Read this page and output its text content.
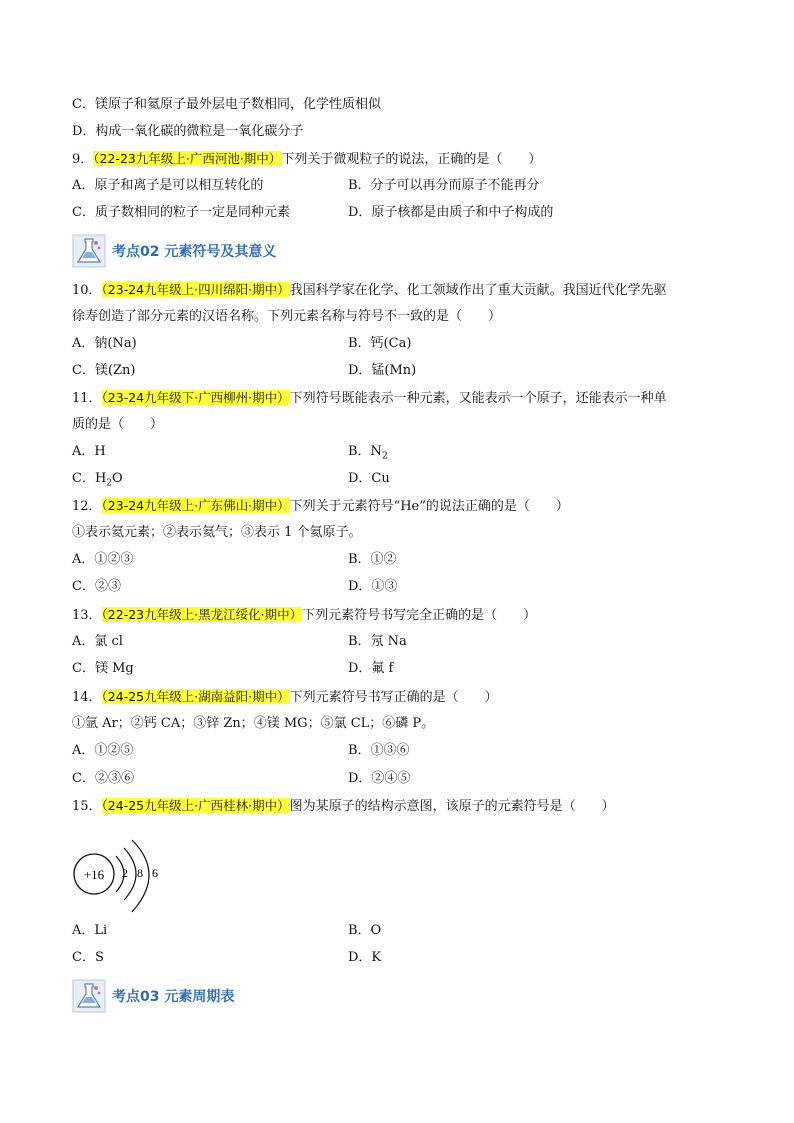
C．镁原子和氦原子最外层电子数相同，化学性质相似
D．构成一氧化碳的微粒是一氧化碳分子
9．（22-23九年级上·广西河池·期中）下列关于微观粒子的说法，正确的是（　　）
A．原子和离子是可以相互转化的	B．分子可以再分而原子不能再分
C．质子数相同的粒子一定是同种元素	D．原子核都是由质子和中子构成的
考点02 元素符号及其意义
10．（23-24九年级上·四川绵阳·期中）我国科学家在化学、化工领域作出了重大贡献。我国近代化学先驱
徐寿创造了部分元素的汉语名称。下列元素名称与符号不一致的是（　　）
A．钠(Na)	B．钙(Ca)
C．镁(Zn)	D．锰(Mn)
11．（23-24九年级下·广西柳州·期中）下列符号既能表示一种元素，又能表示一个原子，还能表示一种单
质的是（　　）
A．H	B．$N_2$
C．$H_2O$	D．Cu
12．（23-24九年级上·广东佛山·期中）下列关于元素符号“He”的说法正确的是（　　）
①表示氦元素；②表示氦气；③表示 1 个氦原子。
A．①②③	B．①②
C．②③	D．①③
13．（22-23九年级上·黑龙江绥化·期中）下列元素符号书写完全正确的是（　　）
A．氯 cl	B．氖 Na
C．镁 Mg	D．氟 f
14．（24-25九年级上·湖南益阳·期中）下列元素符号书写正确的是（　　）
①氩 Ar；②钙 CA；③锌 Zn；④镁 MG；⑤氯 CL；⑥磷 P。
A．①②⑤	B．①③⑥
C．②③⑥	D．②④⑤
15．（24-25九年级上·广西桂林·期中）图为某原子的结构示意图，该原子的元素符号是（　　）
+16 2 8 6
A．Li	B．O
C．S	D．K
考点03 元素周期表
